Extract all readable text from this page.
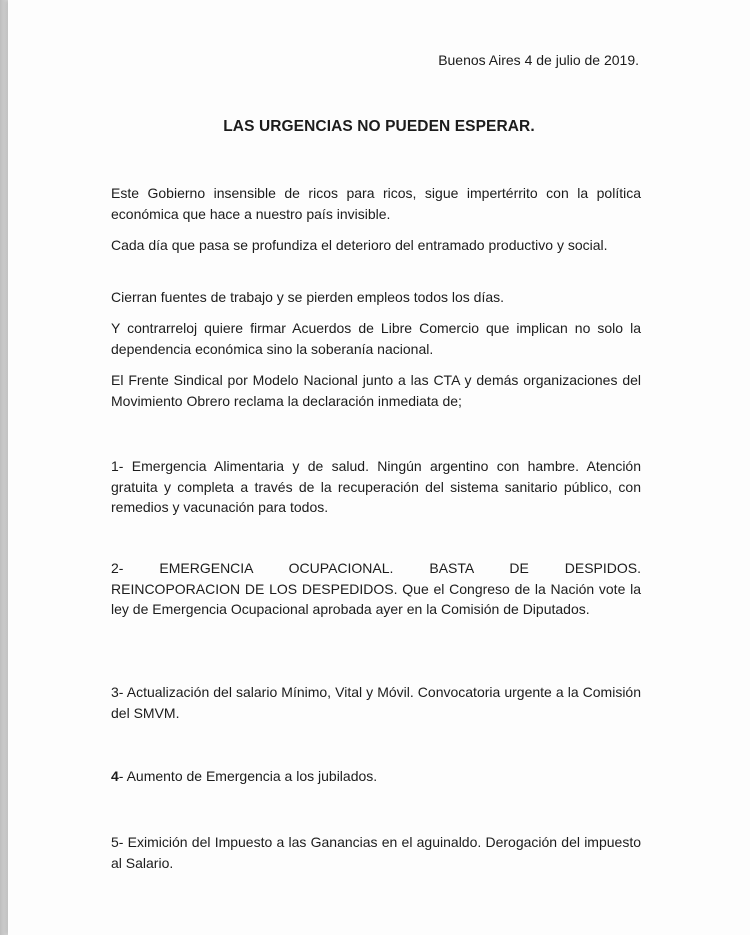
Buenos Aires 4 de julio de 2019.
LAS URGENCIAS NO PUEDEN ESPERAR.

Este Gobierno insensible de ricos para ricos, sigue impertérrito con la política económica que hace a nuestro país invisible.

Cada día que pasa se profundiza el deterioro del entramado productivo y social.

Cierran fuentes de trabajo y se pierden empleos todos los días.

Y contrarreloj quiere firmar Acuerdos de Libre Comercio que implican no solo la dependencia económica sino la soberanía nacional.

El Frente Sindical por Modelo Nacional junto a las CTA y demás organizaciones del Movimiento Obrero reclama la declaración inmediata de;

1- Emergencia Alimentaria y de salud. Ningún argentino con hambre. Atención gratuita y completa a través de la recuperación del sistema sanitario público, con remedios y vacunación para todos.

2-	EMERGENCIA OCUPACIONAL. BASTA DE DESPIDOS.
REINCOPORACION DE LOS DESPEDIDOS. Que el Congreso de la Nación vote la ley de Emergencia Ocupacional aprobada ayer en la Comisión de Diputados.

3- Actualización del salario Mínimo, Vital y Móvil. Convocatoria urgente a la Comisión del SMVM.

4- Aumento de Emergencia a los jubilados.

5- Eximición del Impuesto a las Ganancias en el aguinaldo. Derogación del impuesto al Salario.
